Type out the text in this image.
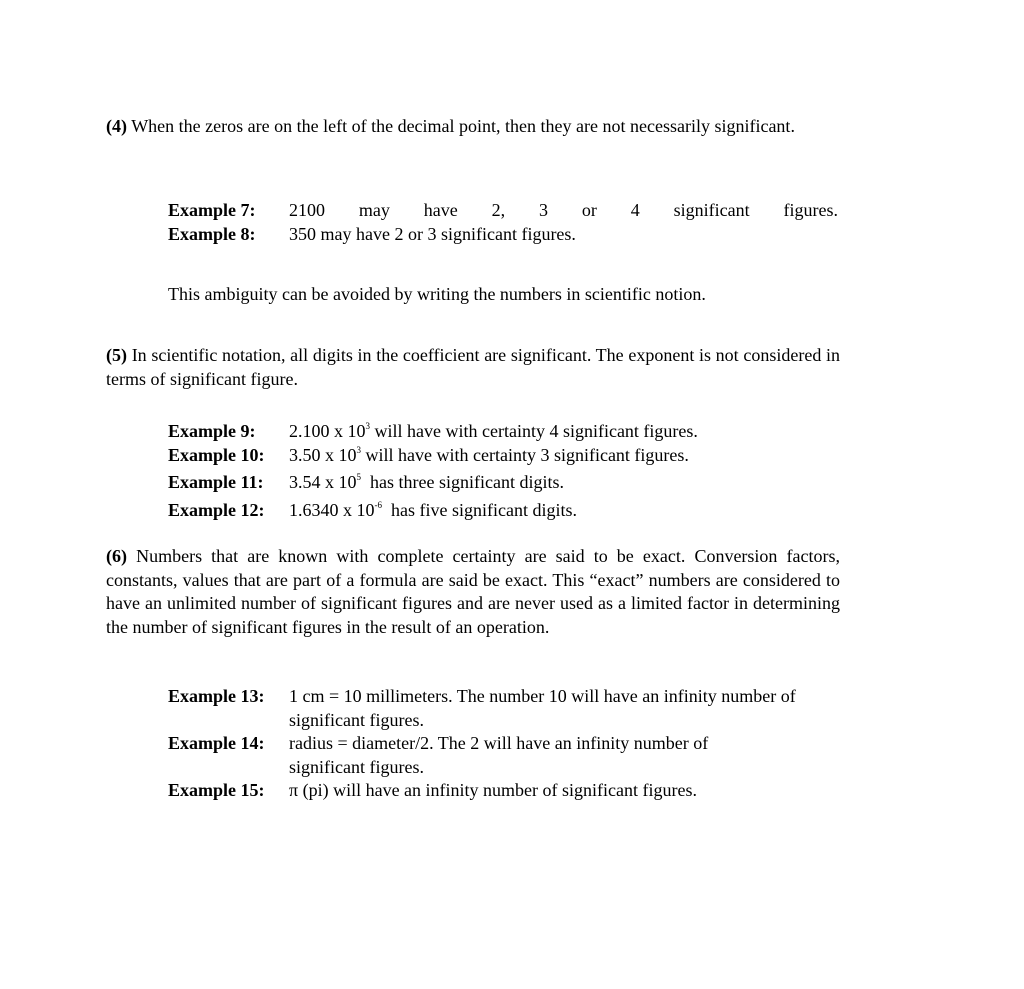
(4) When the zeros are on the left of the decimal point, then they are not necessarily significant.
Example 7: 2100 may have 2, 3 or 4 significant figures.
Example 8: 350 may have 2 or 3 significant figures.
This ambiguity can be avoided by writing the numbers in scientific notion.
(5) In scientific notation, all digits in the coefficient are significant. The exponent is not considered in terms of significant figure.
Example 9: 2.100 x $10^3$ will have with certainty 4 significant figures.
Example 10: 3.50 x $10^3$ will have with certainty 3 significant figures.
Example 11: 3.54 x $10^5$  has three significant digits.
Example 12: 1.6340 x $10^{-6}$  has five significant digits.
(6) Numbers that are known with complete certainty are said to be exact. Conversion factors, constants, values that are part of a formula are said be exact. This “exact” numbers are considered to have an unlimited number of significant figures and are never used as a limited factor in determining the number of significant figures in the result of an operation.
Example 13: 1 cm = 10 millimeters. The number 10 will have an infinity number of significant figures.
Example 14: radius = diameter/2. The 2 will have an infinity number of significant figures.
Example 15: π (pi) will have an infinity number of significant figures.
